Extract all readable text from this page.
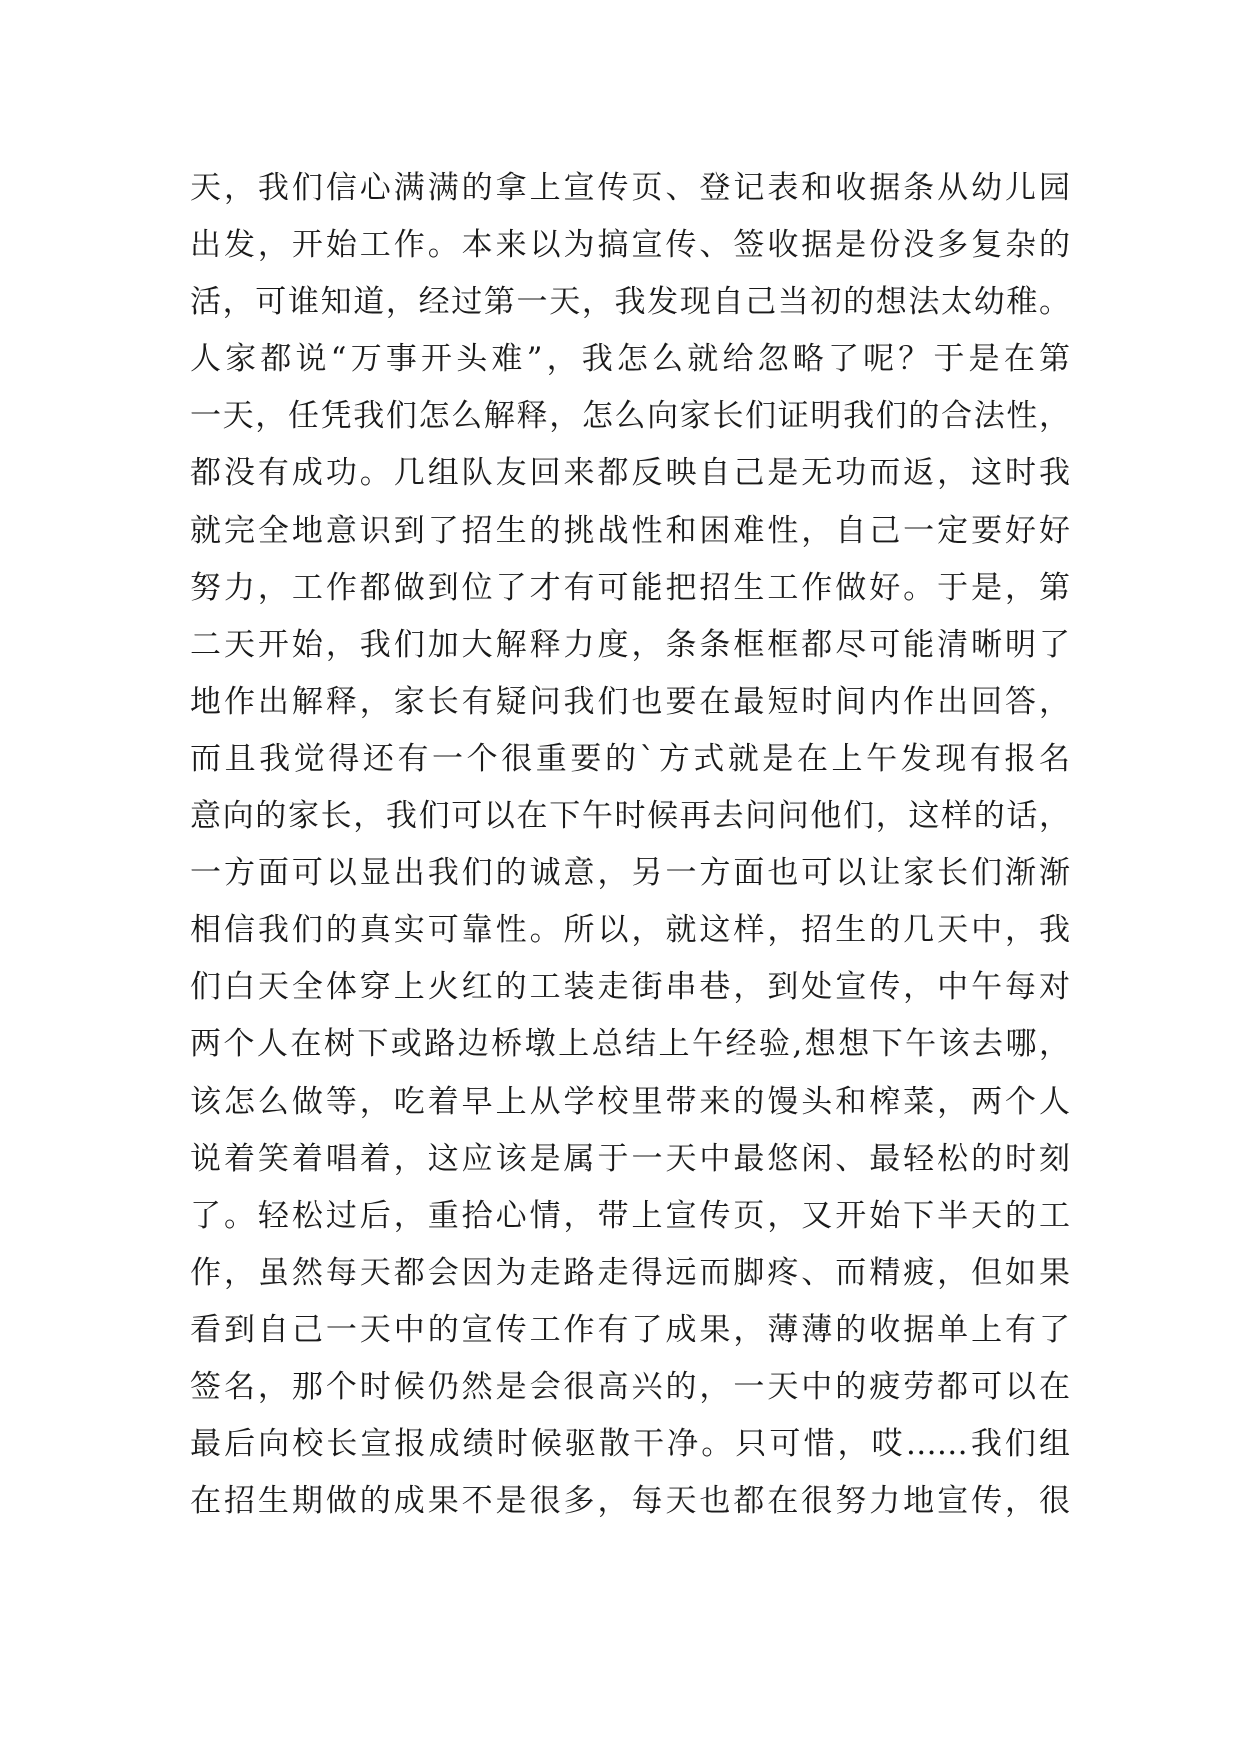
天，我们信心满满的拿上宣传页、登记表和收据条从幼儿园
出发，开始工作。本来以为搞宣传、签收据是份没多复杂的
活，可谁知道，经过第一天，我发现自己当初的想法太幼稚。
人家都说“万事开头难”，我怎么就给忽略了呢？于是在第
一天，任凭我们怎么解释，怎么向家长们证明我们的合法性，
都没有成功。几组队友回来都反映自己是无功而返，这时我
就完全地意识到了招生的挑战性和困难性，自己一定要好好
努力，工作都做到位了才有可能把招生工作做好。于是，第
二天开始，我们加大解释力度，条条框框都尽可能清晰明了
地作出解释，家长有疑问我们也要在最短时间内作出回答，
而且我觉得还有一个很重要的`方式就是在上午发现有报名
意向的家长，我们可以在下午时候再去问问他们，这样的话，
一方面可以显出我们的诚意，另一方面也可以让家长们渐渐
相信我们的真实可靠性。所以，就这样，招生的几天中，我
们白天全体穿上火红的工装走街串巷，到处宣传，中午每对
两个人在树下或路边桥墩上总结上午经验,想想下午该去哪，
该怎么做等，吃着早上从学校里带来的馒头和榨菜，两个人
说着笑着唱着，这应该是属于一天中最悠闲、最轻松的时刻
了。轻松过后，重拾心情，带上宣传页，又开始下半天的工
作，虽然每天都会因为走路走得远而脚疼、而精疲，但如果
看到自己一天中的宣传工作有了成果，薄薄的收据单上有了
签名，那个时候仍然是会很高兴的，一天中的疲劳都可以在
最后向校长宣报成绩时候驱散干净。只可惜，哎……我们组
在招生期做的成果不是很多，每天也都在很努力地宣传，很
